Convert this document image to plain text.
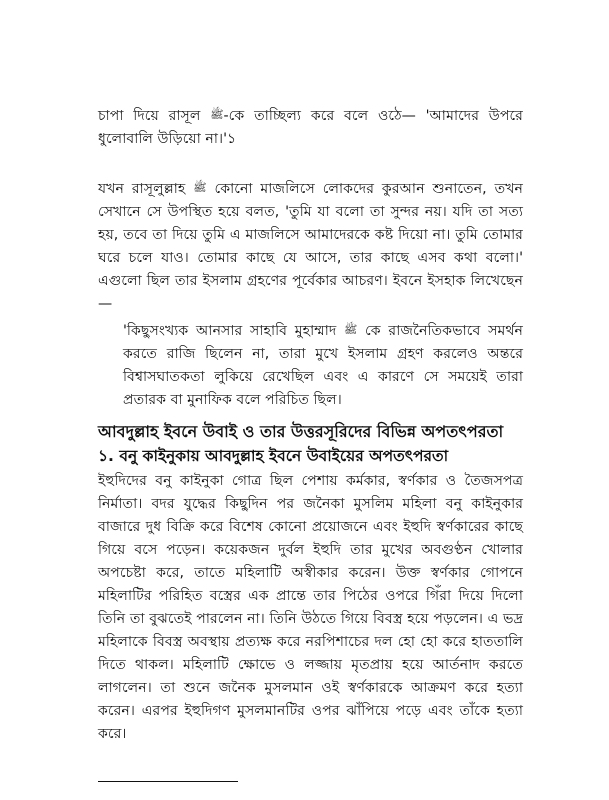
চাপা দিয়ে রাসূল ﷺ-কে তাচ্ছিল্য করে বলে ওঠে— 'আমাদের উপরে ধুলোবালি উড়িয়ো না।'১

যখন রাসূলুল্লাহ ﷺ কোনো মাজলিসে লোকদের কুরআন শুনাতেন, তখন সেখানে সে উপস্থিত হয়ে বলত, 'তুমি যা বলো তা সুন্দর নয়। যদি তা সত্য হয়, তবে তা দিয়ে তুমি এ মাজলিসে আমাদেরকে কষ্ট দিয়ো না। তুমি তোমার ঘরে চলে যাও। তোমার কাছে যে আসে, তার কাছে এসব কথা বলো।' এগুলো ছিল তার ইসলাম গ্রহণের পূর্বেকার আচরণ। ইবনে ইসহাক লিখেছেন—

'কিছুসংখ্যক আনসার সাহাবি মুহাম্মাদ ﷺ কে রাজনৈতিকভাবে সমর্থন করতে রাজি ছিলেন না, তারা মুখে ইসলাম গ্রহণ করলেও অন্তরে বিশ্বাসঘাতকতা লুকিয়ে রেখেছিল এবং এ কারণে সে সময়েই তারা প্রতারক বা মুনাফিক বলে পরিচিত ছিল।

আবদুল্লাহ ইবনে উবাই ও তার উত্তরসূরিদের বিভিন্ন অপতৎপরতা
১. বনু কাইনুকায় আবদুল্লাহ ইবনে উবাইয়ের অপতৎপরতা

ইহুদিদের বনু কাইনুকা গোত্র ছিল পেশায় কর্মকার, স্বর্ণকার ও তৈজসপত্র নির্মাতা। বদর যুদ্ধের কিছুদিন পর জনৈকা মুসলিম মহিলা বনু কাইনুকার বাজারে দুধ বিক্রি করে বিশেষ কোনো প্রয়োজনে এবং ইহুদি স্বর্ণকারের কাছে গিয়ে বসে পড়েন। কয়েকজন দুর্বল ইহুদি তার মুখের অবগুণ্ঠন খোলার অপচেষ্টা করে, তাতে মহিলাটি অস্বীকার করেন। উক্ত স্বর্ণকার গোপনে মহিলাটির পরিহিত বস্ত্রের এক প্রান্তে তার পিঠের ওপরে গিঁরা দিয়ে দিলো তিনি তা বুঝতেই পারলেন না। তিনি উঠতে গিয়ে বিবস্ত্র হয়ে পড়লেন। এ ভদ্র মহিলাকে বিবস্ত্র অবস্থায় প্রত্যক্ষ করে নরপিশাচের দল হো হো করে হাততালি দিতে থাকল। মহিলাটি ক্ষোভে ও লজ্জায় মৃতপ্রায় হয়ে আর্তনাদ করতে লাগলেন। তা শুনে জনৈক মুসলমান ওই স্বর্ণকারকে আক্রমণ করে হত্যা করেন। এরপর ইহুদিগণ মুসলমানটির ওপর ঝাঁপিয়ে পড়ে এবং তাঁকে হত্যা করে।
